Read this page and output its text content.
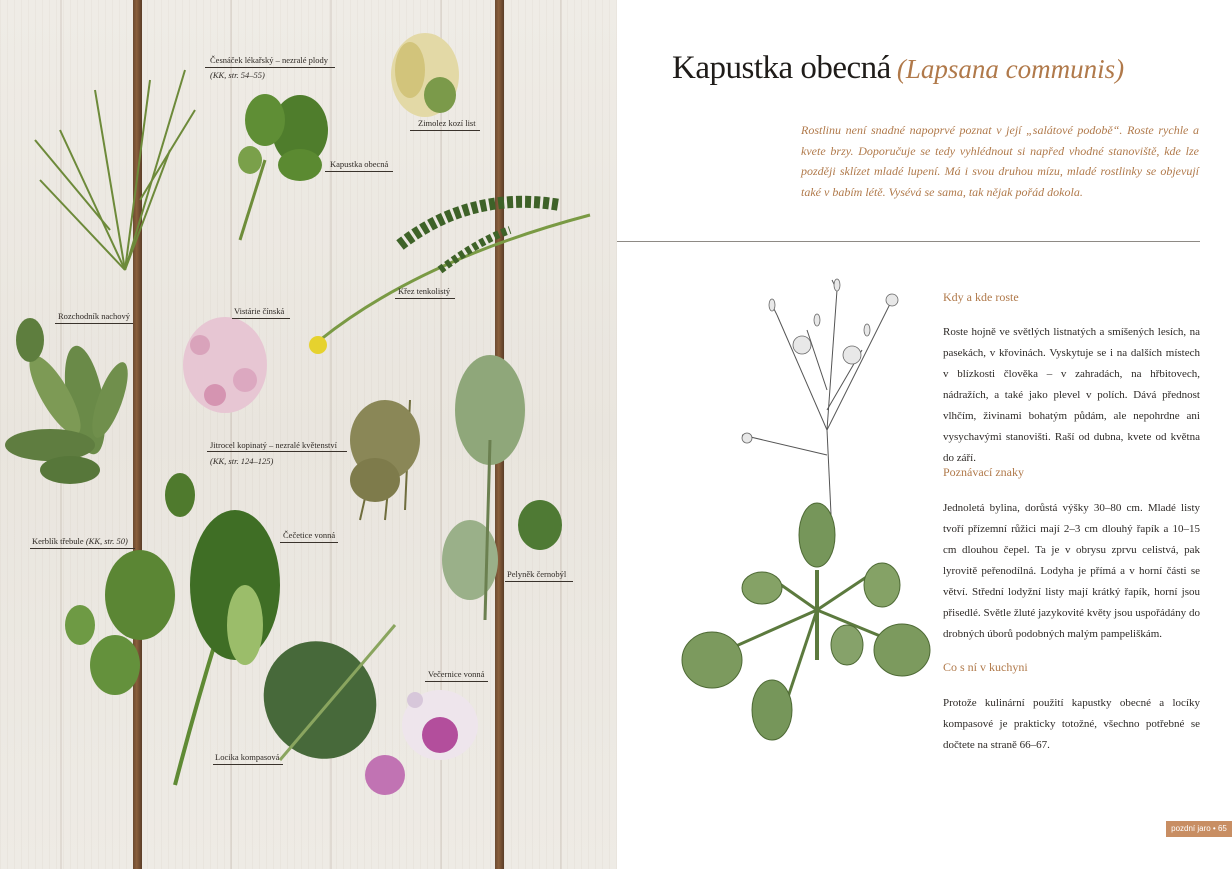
Česnáček lékařský – nezralé plody
(KK, str. 54–55)
Zimolez kozí list
Kapustka obecná
Křez tenkolistý
Rozchodník nachový	Vistárie čínská
Jitrocel kopinatý – nezralé květenství
(KK, str. 124–125)
Kerblík třebule (KK, str. 50)
Čečetice vonná
Pelyněk černobýl
Večernice vonná
Locika kompasová
Kapustka obecná (Lapsana communis)
Rostlinu není snadné napoprvé poznat v její „salátové podobě“. Roste rychle a kvete brzy. Doporučuje se tedy vyhlédnout si napřed vhodné stanoviště, kde lze později sklízet mladé lupení. Má i svou druhou mízu, mladé rostlinky se objevují také v babím létě. Vysévá se sama, tak nějak pořád dokola.
Kdy a kde roste
Roste hojně ve světlých listnatých a smíšených lesích, na pasekách, v křovinách. Vyskytuje se i na dalších místech v blízkosti člověka – v zahradách, na hřbitovech, nádražích, a také jako plevel v polích. Dává přednost vlhčím, živinami bohatým půdám, ale nepohrdne ani vysychavými stanovišti. Raší od dubna, kvete od května do září.
Poznávací znaky
Jednoletá bylina, dorůstá výšky 30–80 cm. Mladé listy tvoří přízemní růžici mají 2–3 cm dlouhý řapík a 10–15 cm dlouhou čepel. Ta je v obrysu zprvu celistvá, pak lyrovitě peřenodílná. Lodyha je přímá a v horní části se větví. Střední lodyžní listy mají krátký řapík, horní jsou přisedlé. Světle žluté jazykovité květy jsou uspořádány do drobných úborů podobných malým pampeliškám.
Co s ní v kuchyni
Protože kulinární použití kapustky obecné a locíky kompasové je prakticky totožné, všechno potřebné se dočtete na straně 66–67.
pozdní jaro • 65
